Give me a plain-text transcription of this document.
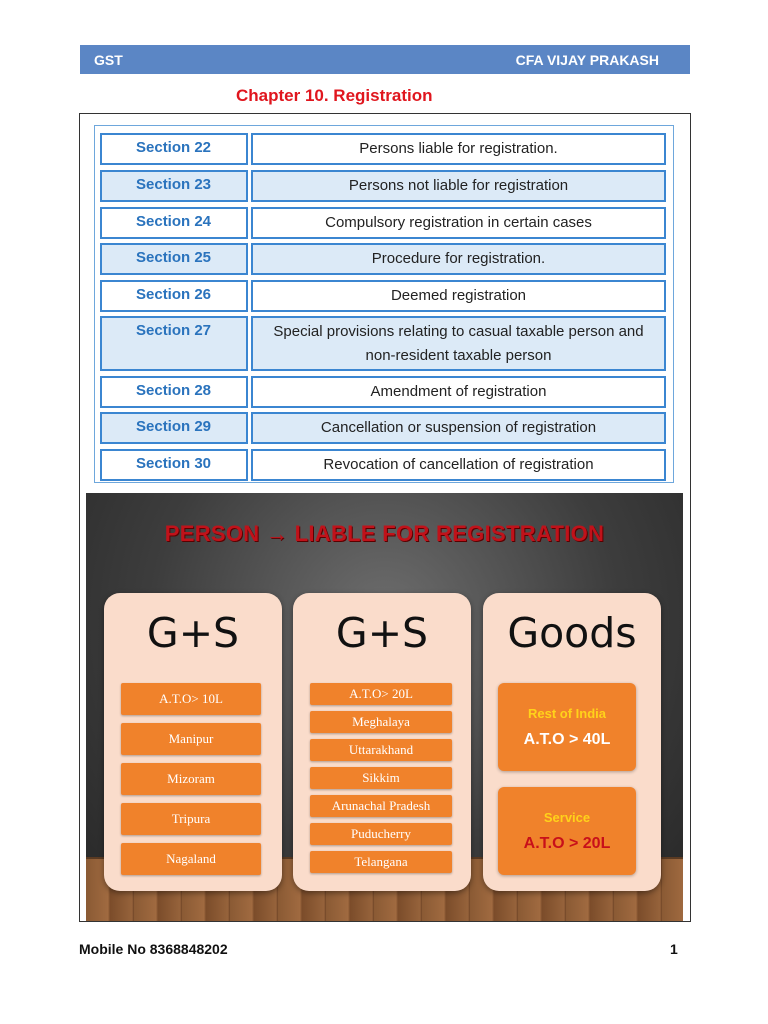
GST	CFA VIJAY PRAKASH
Chapter 10. Registration
Section 22	Persons liable for registration.
Section 23	Persons not liable for registration
Section 24	Compulsory registration in certain cases
Section 25	Procedure for registration.
Section 26	Deemed registration
Section 27	Special provisions relating to casual taxable person and
non-resident taxable person
Section 28	Amendment of registration
Section 29	Cancellation or suspension of registration
Section 30	Revocation of cancellation of registration
PERSON → LIABLE FOR REGISTRATION
G+S
A.T.O> 10L
Manipur
Mizoram
Tripura
Nagaland
G+S
A.T.O> 20L
Meghalaya
Uttarakhand
Sikkim
Arunachal Pradesh
Puducherry
Telangana
Goods
Rest of India
A.T.O > 40L
Service
A.T.O > 20L
Mobile No 8368848202	1
